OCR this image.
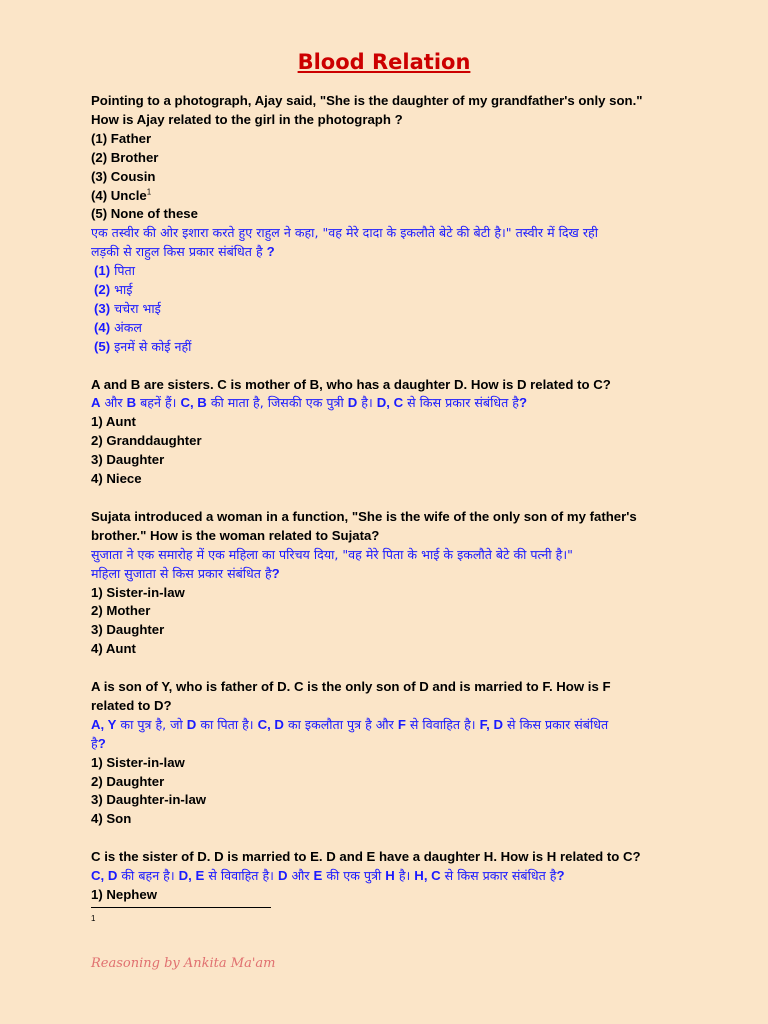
Blood Relation
Pointing to a photograph, Ajay said, "She is the daughter of my grandfather's only son."
How is Ajay related to the girl in the photograph ?
(1) Father
(2) Brother
(3) Cousin
(4) Uncle$^1$
(5) None of these
एक तस्वीर की ओर इशारा करते हुए राहुल ने कहा, "वह मेरे दादा के इकलौते बेटे की बेटी है।" तस्वीर में दिख रही
लड़की से राहुल किस प्रकार संबंधित है ?
(1) पिता
(2) भाई
(3) चचेरा भाई
(4) अंकल
(5) इनमें से कोई नहीं
A and B are sisters. C is mother of B, who has a daughter D. How is D related to C?
A और B बहनें हैं। C, B की माता है, जिसकी एक पुत्री D है। D, C से किस प्रकार संबंधित है?
1) Aunt
2) Granddaughter
3) Daughter
4) Niece
Sujata introduced a woman in a function, "She is the wife of the only son of my father's
brother." How is the woman related to Sujata?
सुजाता ने एक समारोह में एक महिला का परिचय दिया, "वह मेरे पिता के भाई के इकलौते बेटे की पत्नी है।"
महिला सुजाता से किस प्रकार संबंधित है?
1) Sister-in-law
2) Mother
3) Daughter
4) Aunt
A is son of Y, who is father of D. C is the only son of D and is married to F. How is F
related to D?
A, Y का पुत्र है, जो D का पिता है। C, D का इकलौता पुत्र है और F से विवाहित है। F, D से किस प्रकार संबंधित
है?
1) Sister-in-law
2) Daughter
3) Daughter-in-law
4) Son
C is the sister of D. D is married to E. D and E have a daughter H. How is H related to C?
C, D की बहन है। D, E से विवाहित है। D और E की एक पुत्री H है। H, C से किस प्रकार संबंधित है?
1) Nephew
1
Reasoning by Ankita Ma'am
